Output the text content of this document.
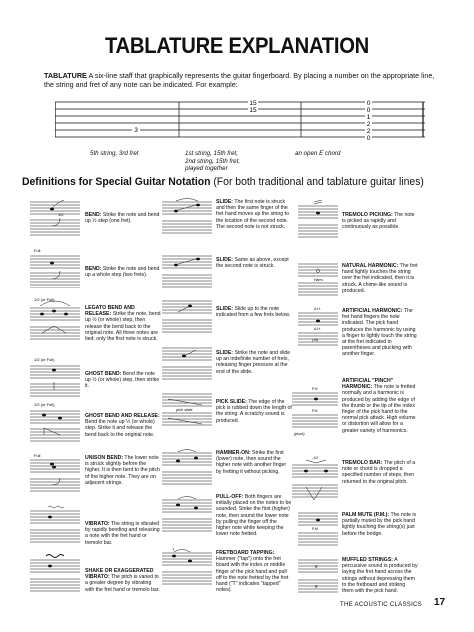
TABLATURE EXPLANATION
TABLATURE A six-line staff that graphically represents the guitar fingerboard. By placing a number on the appropriate line, the string and fret of any note can be indicated. For example:
3
15
15
0
0
1
2
2
0
5th string, 3rd fret	1st string, 15th fret,
2nd string, 15th fret,
played together
an open E chord
Definitions for Special Guitar Notation (For both traditional and tablature guitar lines)
1/2	BEND: Strike the note and bend up ½ step (one fret).
Full
BEND: Strike the note and bend up a whole step (two frets).
1/2 (or Full)
LEGATO BEND AND RELEASE: Strike the note, bend up ½ (or whole) step, then release the bend back to the original note. All three notes are tied; only the first note is struck.
1/2 (or Full)
GHOST BEND: Bend the note up ½ (or whole) step, then strike it.
1/2 (or Full)
GHOST BEND AND RELEASE: Bend the note up ½ (or whole) step. Strike it and release the bend back to the original note.
Full	UNISON BEND: The lower note is struck slightly before the higher. It is then bent to the pitch of the higher note. They are on adjacent strings.
VIBRATO: The string is vibrated by rapidly bending and releasing a note with the fret hand or tremolo bar.
SHAKE OR EXAGGERATED VIBRATO: The pitch is varied to a greater degree by vibrating with the fret hand or tremolo bar.
SLIDE: The first note is struck and then the same finger of the fret hand moves up the string to the location of the second note. The second note is not struck.
SLIDE: Same as above, except the second note is struck.
SLIDE: Slide up to the note indicated from a few frets below.
SLIDE: Strike the note and slide up an indefinite number of frets, releasing finger pressure at the end of the slide.
pick slide
PICK SLIDE: The edge of the pick is rubbed down the length of the string. A scratchy sound is produced.
HAMMER-ON: Strike the first (lower) note, then sound the higher note with another finger by fretting it without picking.
PULL-OFF: Both fingers are initially placed on the notes to be sounded. Strike the first (higher) note, then sound the lower note by pulling the finger off the higher note while keeping the lower note fretted.
T
FRETBOARD TAPPING: Hammer ("tap") onto the fret board with the index or middle finger of the pick hand and pull off to the note fretted by the fret hand ("T" indicates "tapped" notes).
TREMOLO PICKING: The note is picked as rapidly and continuously as possible.
Harm.
NATURAL HARMONIC: The fret hand lightly touches the string over the fret indicated, then it is struck. A chime-like sound is produced.
A.H.
A.H.
(19)
ARTIFICIAL HARMONIC: The fret hand fingers the note indicated. The pick hand produces the harmonic by using a finger to lightly touch the string at the fret indicated in parentheses and plucking with another finger.
P.H.
P.H.
(pluck)
ARTIFICIAL "PINCH" HARMONIC: The note is fretted normally and a harmonic is produced by adding the edge of the thumb or the tip of the index finger of the pick hand to the normal pick attack. High volume or distortion will allow for a greater variety of harmonics.
-1/2
TREMOLO BAR: The pitch of a note or chord is dropped a specified number of steps, then returned to the original pitch.
P.M.
PALM MUTE (P.M.): The note is partially muted by the pick hand lightly touching the string(s) just before the bridge.
x
x
MUFFLED STRINGS: A percussive sound is produced by laying the fret hand across the strings without depressing them to the fretboard and striking them with the pick hand.
THE ACOUSTIC CLASSICS 17
